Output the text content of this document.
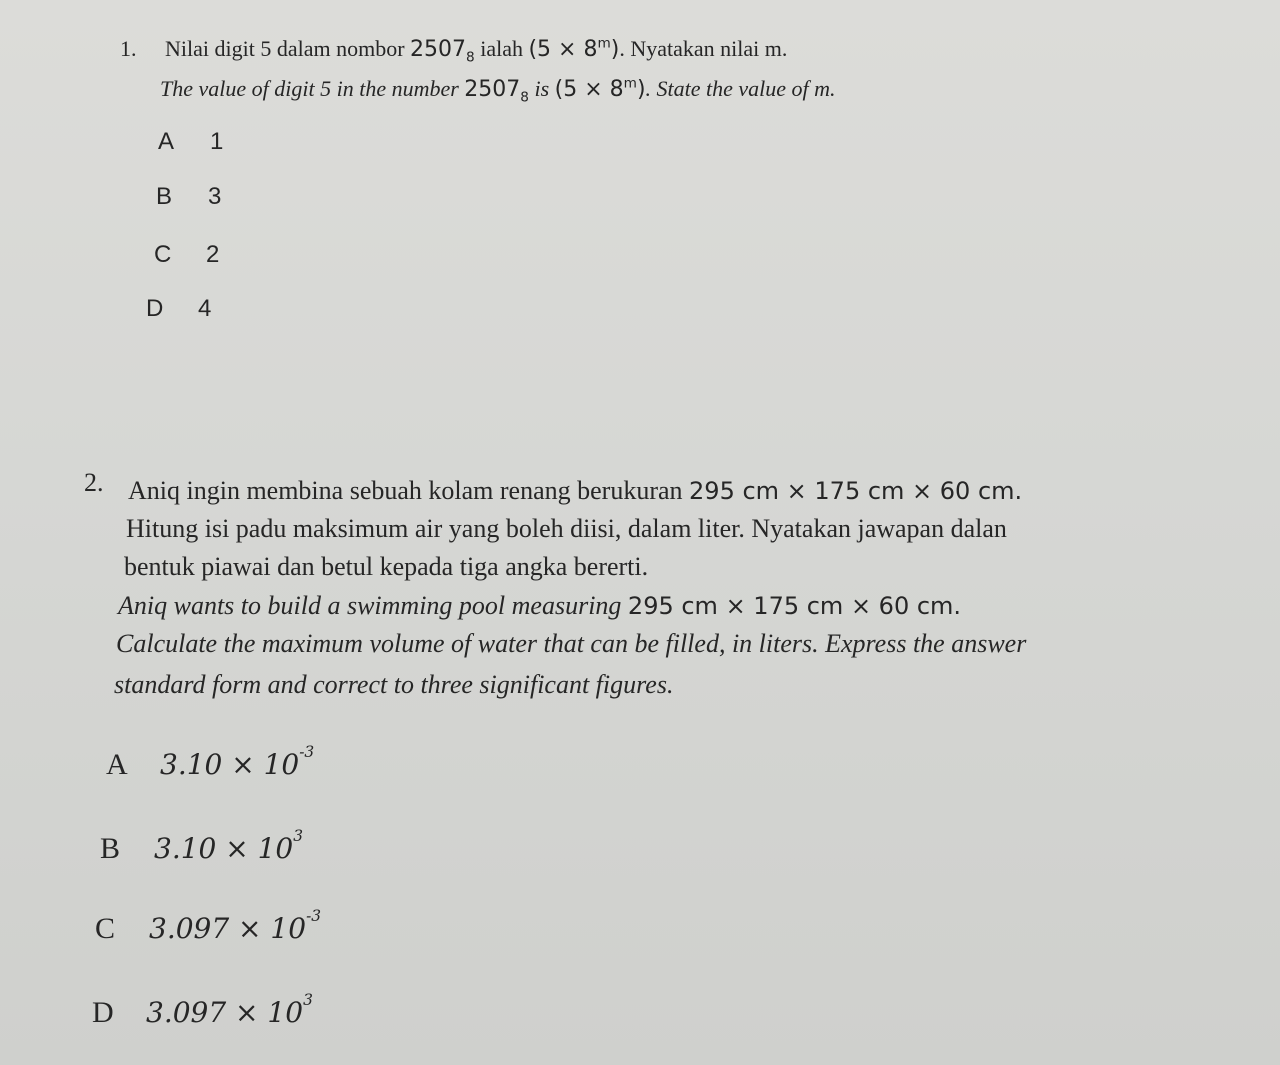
1. Nilai digit 5 dalam nombor $2507_8$ ialah $(5 \times 8^m)$. Nyatakan nilai m.
The value of digit 5 in the number $2507_8$ is $(5 \times 8^m)$. State the value of m.
A 1
B 3
C 2
D 4
2. Aniq ingin membina sebuah kolam renang berukuran 295 cm × 175 cm × 60 cm.
Hitung isi padu maksimum air yang boleh diisi, dalam liter. Nyatakan jawapan dalan
bentuk piawai dan betul kepada tiga angka bererti.
Aniq wants to build a swimming pool measuring 295 cm × 175 cm × 60 cm.
Calculate the maximum volume of water that can be filled, in liters. Express the answer
standard form and correct to three significant figures.
A $3.10 \times 10^{-3}$
B $3.10 \times 10^3$
C $3.097 \times 10^{-3}$
D $3.097 \times 10^3$
